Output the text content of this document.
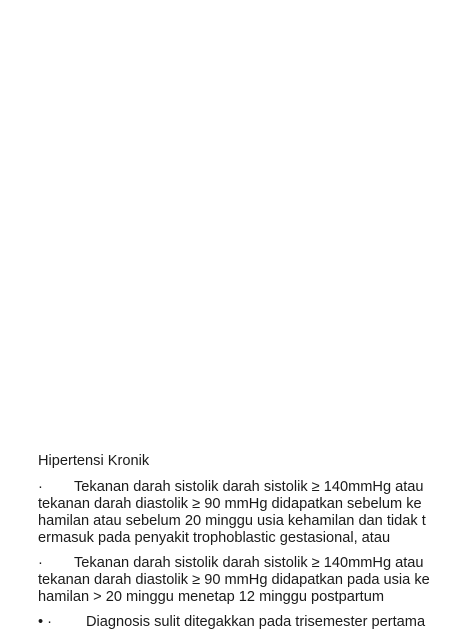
Hipertensi Kronik
· Tekanan darah sistolik darah sistolik ≥ 140mmHg atau
tekanan darah diastolik ≥ 90 mmHg didapatkan sebelum ke
hamilan atau sebelum 20 minggu usia kehamilan dan tidak t
ermasuk pada penyakit trophoblastic gestasional, atau
· Tekanan darah sistolik darah sistolik ≥ 140mmHg atau
tekanan darah diastolik ≥ 90 mmHg didapatkan pada usia ke
hamilan > 20 minggu menetap 12 minggu postpartum
• · Diagnosis sulit ditegakkan pada trisemester pertama
